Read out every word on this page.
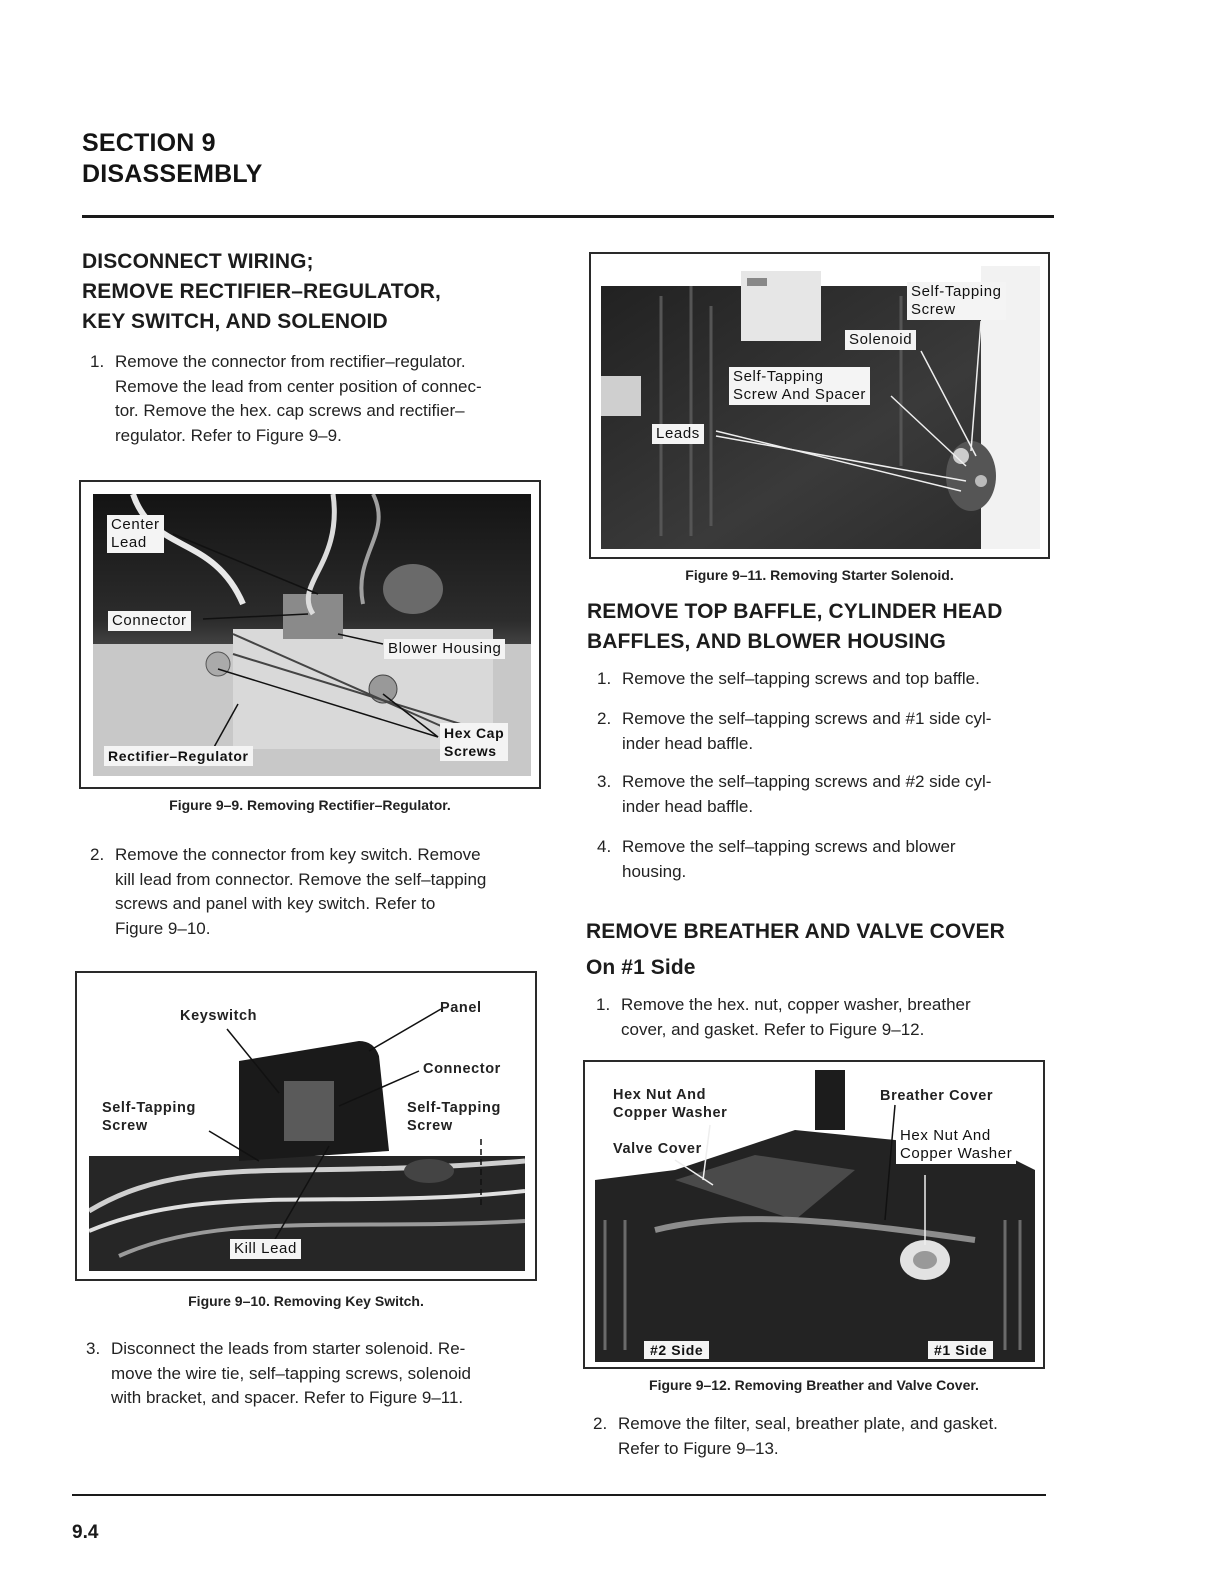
SECTION 9
DISASSEMBLY
DISCONNECT WIRING;
REMOVE RECTIFIER–REGULATOR,
KEY SWITCH, AND SOLENOID
1. Remove the connector from rectifier–regulator.
Remove the lead from center position of connec-
tor. Remove the hex. cap screws and rectifier–
regulator. Refer to Figure 9–9.
Center
Lead
Connector
Blower Housing
Hex Cap
Screws
Rectifier–Regulator
Figure 9–9. Removing Rectifier–Regulator.
2. Remove the connector from key switch. Remove
kill lead from connector. Remove the self–tapping
screws and panel with key switch. Refer to
Figure 9–10.
Keyswitch	Panel
Connector
Self-Tapping
Screw
Self-Tapping
Screw
Kill Lead
Figure 9–10. Removing Key Switch.
3. Disconnect the leads from starter solenoid. Re-
move the wire tie, self–tapping screws, solenoid
with bracket, and spacer. Refer to Figure 9–11.
Self-Tapping
Screw
Solenoid
Self-Tapping
Screw And Spacer
Leads
Figure 9–11. Removing Starter Solenoid.
REMOVE TOP BAFFLE, CYLINDER HEAD
BAFFLES, AND BLOWER HOUSING
1. Remove the self–tapping screws and top baffle.
2. Remove the self–tapping screws and #1 side cyl-
inder head baffle.
3. Remove the self–tapping screws and #2 side cyl-
inder head baffle.
4. Remove the self–tapping screws and blower
housing.
REMOVE BREATHER AND VALVE COVER
On #1 Side
1. Remove the hex. nut, copper washer, breather
cover, and gasket. Refer to Figure 9–12.
Hex Nut And
Copper Washer
Breather Cover
Valve Cover
Hex Nut And
Copper Washer
#2 Side	#1 Side
Figure 9–12. Removing Breather and Valve Cover.
2. Remove the filter, seal, breather plate, and gasket.
Refer to Figure 9–13.
9.4
